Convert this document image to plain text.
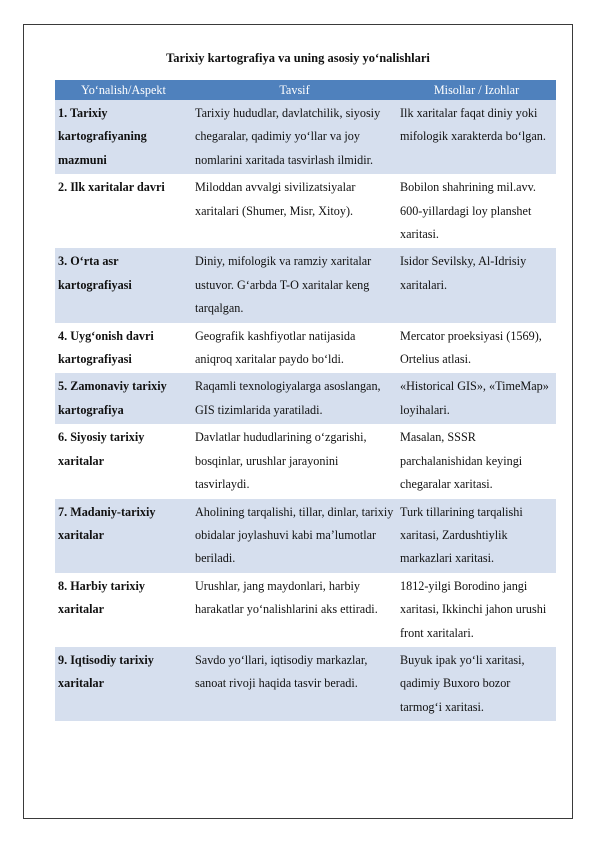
Tarixiy kartografiya va uning asosiy yo‘nalishlari
Yo‘nalish/Aspekt	Tavsif	Misollar / Izohlar
1. Tarixiy kartografiyaning mazmuni	Tarixiy hududlar, davlatchilik, siyosiy chegaralar, qadimiy yo‘llar va joy nomlarini xaritada tasvirlash ilmidir.	Ilk xaritalar faqat diniy yoki mifologik xarakterda bo‘lgan.
2. Ilk xaritalar davri	Miloddan avvalgi sivilizatsiyalar xaritalari (Shumer, Misr, Xitoy).	Bobilon shahrining mil.avv. 600-yillardagi loy planshet xaritasi.
3. O‘rta asr kartografiyasi	Diniy, mifologik va ramziy xaritalar ustuvor. G‘arbda T-O xaritalar keng tarqalgan.	Isidor Sevilsky, Al-Idrisiy xaritalari.
4. Uyg‘onish davri kartografiyasi	Geografik kashfiyotlar natijasida aniqroq xaritalar paydo bo‘ldi.	Mercator proeksiyasi (1569), Ortelius atlasi.
5. Zamonaviy tarixiy kartografiya	Raqamli texnologiyalarga asoslangan, GIS tizimlarida yaratiladi.	«Historical GIS», «TimeMap» loyihalari.
6. Siyosiy tarixiy xaritalar	Davlatlar hududlarining o‘zgarishi, bosqinlar, urushlar jarayonini tasvirlaydi.	Masalan, SSSR parchalanishidan keyingi chegaralar xaritasi.
7. Madaniy-tarixiy xaritalar	Aholining tarqalishi, tillar, dinlar, tarixiy obidalar joylashuvi kabi ma’lumotlar beriladi.	Turk tillarining tarqalishi xaritasi, Zardushtiylik markazlari xaritasi.
8. Harbiy tarixiy xaritalar	Urushlar, jang maydonlari, harbiy harakatlar yo‘nalishlarini aks ettiradi.	1812-yilgi Borodino jangi xaritasi, Ikkinchi jahon urushi front xaritalari.
9. Iqtisodiy tarixiy xaritalar	Savdo yo‘llari, iqtisodiy markazlar, sanoat rivoji haqida tasvir beradi.	Buyuk ipak yo‘li xaritasi, qadimiy Buxoro bozor tarmog‘i xaritasi.
